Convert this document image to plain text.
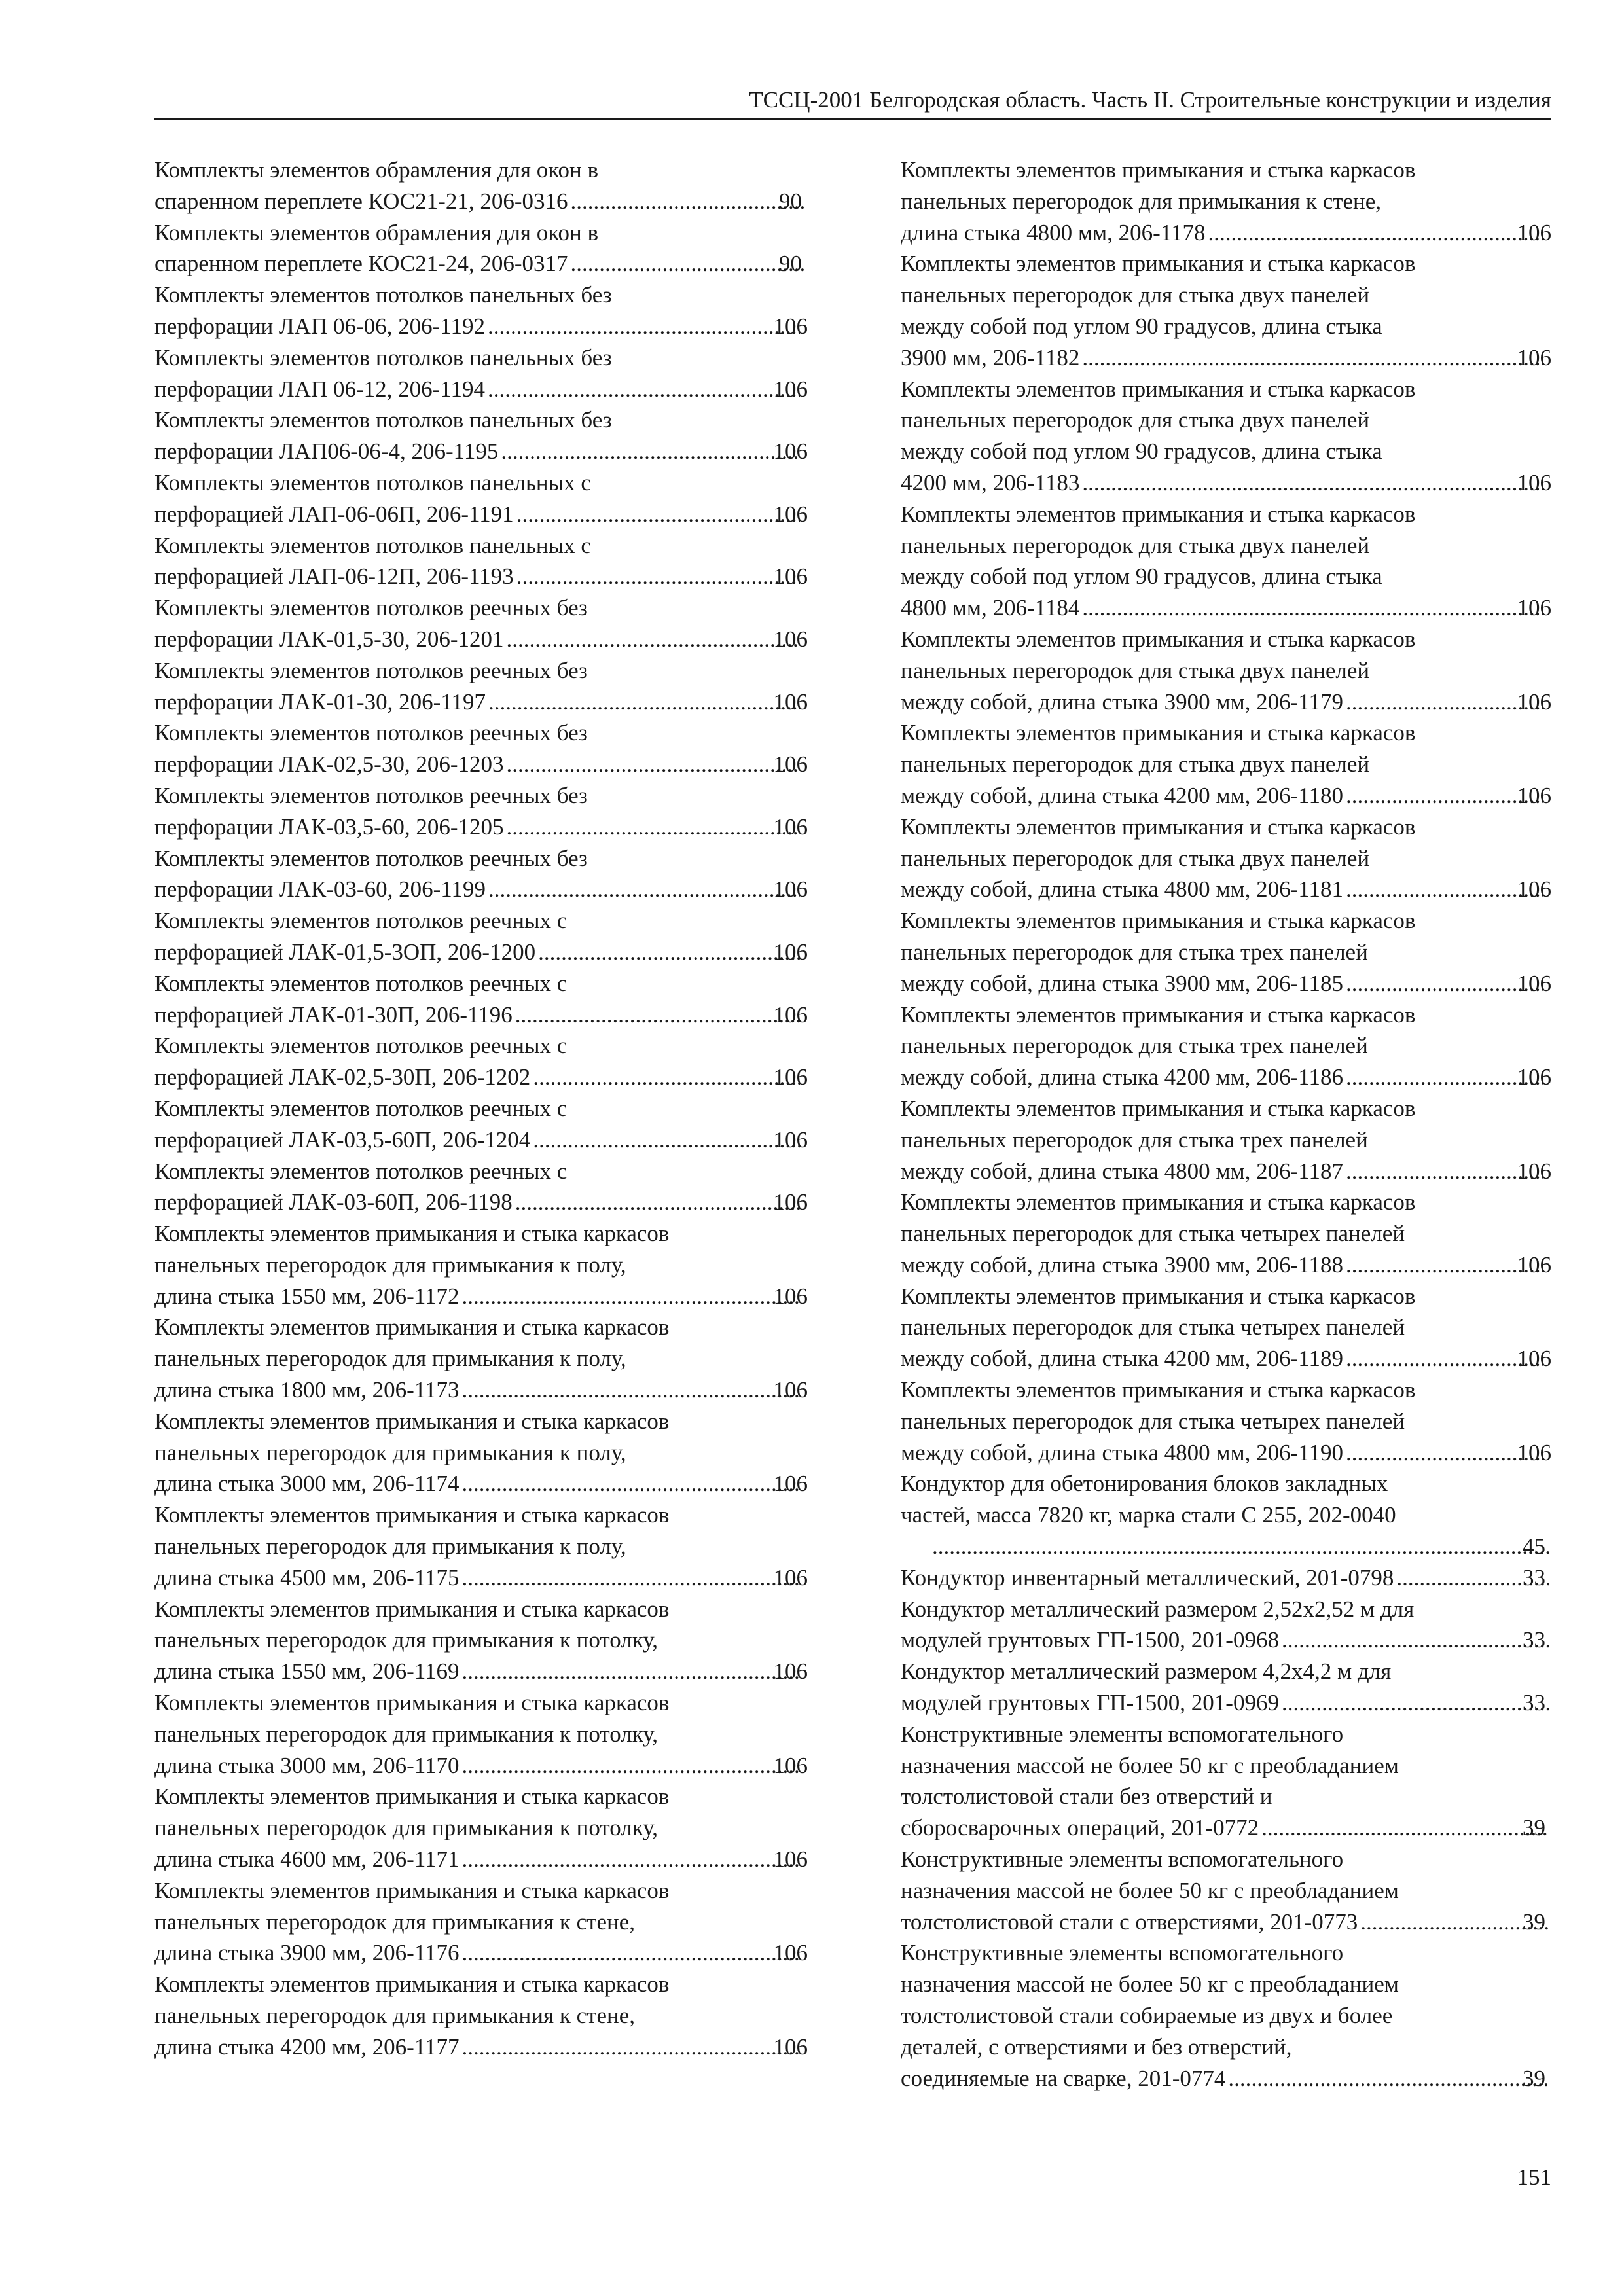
ТССЦ-2001 Белгородская область. Часть II. Строительные конструкции и изделия
Комплекты элементов обрамления для окон в
спаренном переплете КОС21-21, 206-0316 .....	90
Комплекты элементов обрамления для окон в
спаренном переплете КОС21-24, 206-0317 .....	90
Комплекты элементов потолков панельных без
перфорации ЛАП 06-06, 206-1192 .....	106
Комплекты элементов потолков панельных без
перфорации ЛАП 06-12, 206-1194 .....	106
Комплекты элементов потолков панельных без
перфорации ЛАП06-06-4, 206-1195 .....	106
Комплекты элементов потолков панельных с
перфорацией ЛАП-06-06П, 206-1191 .....	106
Комплекты элементов потолков панельных с
перфорацией ЛАП-06-12П, 206-1193 .....	106
Комплекты элементов потолков реечных без
перфорации ЛАК-01,5-30, 206-1201 .....	106
Комплекты элементов потолков реечных без
перфорации ЛАК-01-30, 206-1197 .....	106
Комплекты элементов потолков реечных без
перфорации ЛАК-02,5-30, 206-1203 .....	106
Комплекты элементов потолков реечных без
перфорации ЛАК-03,5-60, 206-1205 .....	106
Комплекты элементов потолков реечных без
перфорации ЛАК-03-60, 206-1199 .....	106
Комплекты элементов потолков реечных с
перфорацией ЛАК-01,5-3ОП, 206-1200 .....	106
Комплекты элементов потолков реечных с
перфорацией ЛАК-01-30П, 206-1196 .....	106
Комплекты элементов потолков реечных с
перфорацией ЛАК-02,5-30П, 206-1202 .....	106
Комплекты элементов потолков реечных с
перфорацией ЛАК-03,5-60П, 206-1204 .....	106
Комплекты элементов потолков реечных с
перфорацией ЛАК-03-60П, 206-1198 .....	106
Комплекты элементов примыкания и стыка каркасов
панельных перегородок для примыкания к полу,
длина стыка 1550 мм, 206-1172 .....	106
Комплекты элементов примыкания и стыка каркасов
панельных перегородок для примыкания к полу,
длина стыка 1800 мм, 206-1173 .....	106
Комплекты элементов примыкания и стыка каркасов
панельных перегородок для примыкания к полу,
длина стыка 3000 мм, 206-1174 .....	106
Комплекты элементов примыкания и стыка каркасов
панельных перегородок для примыкания к полу,
длина стыка 4500 мм, 206-1175 .....	106
Комплекты элементов примыкания и стыка каркасов
панельных перегородок для примыкания к потолку,
длина стыка 1550 мм, 206-1169 .....	106
Комплекты элементов примыкания и стыка каркасов
панельных перегородок для примыкания к потолку,
длина стыка 3000 мм, 206-1170 .....	106
Комплекты элементов примыкания и стыка каркасов
панельных перегородок для примыкания к потолку,
длина стыка 4600 мм, 206-1171 .....	106
Комплекты элементов примыкания и стыка каркасов
панельных перегородок для примыкания к стене,
длина стыка 3900 мм, 206-1176 .....	106
Комплекты элементов примыкания и стыка каркасов
панельных перегородок для примыкания к стене,
длина стыка 4200 мм, 206-1177 .....	106
Комплекты элементов примыкания и стыка каркасов
панельных перегородок для примыкания к стене,
длина стыка 4800 мм, 206-1178 .....	106
Комплекты элементов примыкания и стыка каркасов
панельных перегородок для стыка двух панелей
между собой под углом 90 градусов, длина стыка
3900 мм, 206-1182 .....	106
Комплекты элементов примыкания и стыка каркасов
панельных перегородок для стыка двух панелей
между собой под углом 90 градусов, длина стыка
4200 мм, 206-1183 .....	106
Комплекты элементов примыкания и стыка каркасов
панельных перегородок для стыка двух панелей
между собой под углом 90 градусов, длина стыка
4800 мм, 206-1184 .....	106
Комплекты элементов примыкания и стыка каркасов
панельных перегородок для стыка двух панелей
между собой, длина стыка 3900 мм, 206-1179 .....	106
Комплекты элементов примыкания и стыка каркасов
панельных перегородок для стыка двух панелей
между собой, длина стыка 4200 мм, 206-1180 .....	106
Комплекты элементов примыкания и стыка каркасов
панельных перегородок для стыка двух панелей
между собой, длина стыка 4800 мм, 206-1181 .....	106
Комплекты элементов примыкания и стыка каркасов
панельных перегородок для стыка трех панелей
между собой, длина стыка 3900 мм, 206-1185 .....	106
Комплекты элементов примыкания и стыка каркасов
панельных перегородок для стыка трех панелей
между собой, длина стыка 4200 мм, 206-1186 .....	106
Комплекты элементов примыкания и стыка каркасов
панельных перегородок для стыка трех панелей
между собой, длина стыка 4800 мм, 206-1187 .....	106
Комплекты элементов примыкания и стыка каркасов
панельных перегородок для стыка четырех панелей
между собой, длина стыка 3900 мм, 206-1188 .....	106
Комплекты элементов примыкания и стыка каркасов
панельных перегородок для стыка четырех панелей
между собой, длина стыка 4200 мм, 206-1189 .....	106
Комплекты элементов примыкания и стыка каркасов
панельных перегородок для стыка четырех панелей
между собой, длина стыка 4800 мм, 206-1190 .....	106
Кондуктор для обетонирования блоков закладных
частей, масса 7820 кг, марка стали С 255, 202-0040
.....
45
Кондуктор инвентарный металлический, 201-0798 .....	33
Кондуктор металлический размером 2,52х2,52 м для
модулей грунтовых ГП-1500, 201-0968 .....	33
Кондуктор металлический размером 4,2х4,2 м для
модулей грунтовых ГП-1500, 201-0969 .....	33
Конструктивные элементы вспомогательного
назначения массой не более 50 кг с преобладанием
толстолистовой стали без отверстий и
сборосварочных операций, 201-0772 .....	39
Конструктивные элементы вспомогательного
назначения массой не более 50 кг с преобладанием
толстолистовой стали с отверстиями, 201-0773 .....	39
Конструктивные элементы вспомогательного
назначения массой не более 50 кг с преобладанием
толстолистовой стали собираемые из двух и более
деталей, с отверстиями и без отверстий,
соединяемые на сварке, 201-0774 .....	39
151
